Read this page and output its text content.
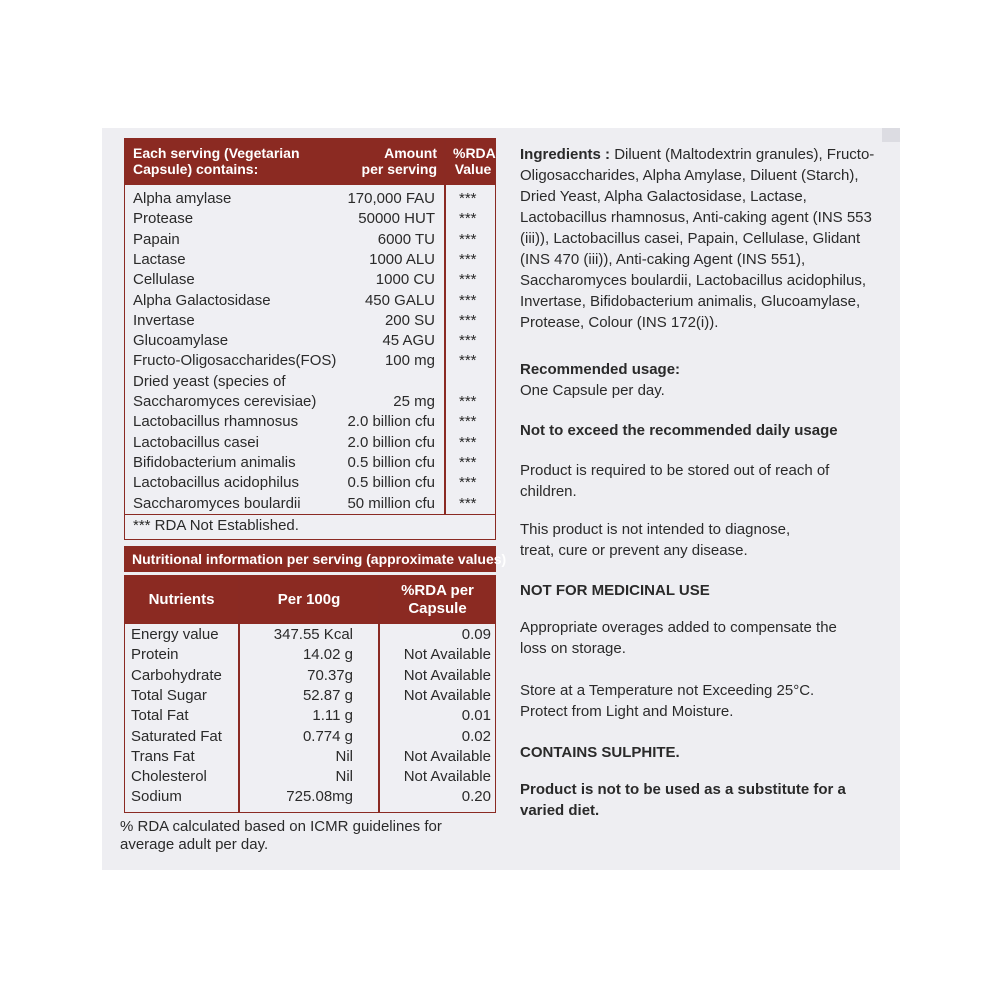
Each serving (Vegetarian
Capsule) contains:
Amount
per serving
%RDA
Value
Alpha amylase	170,000 FAU ***
Protease	50000 HUT ***
Papain	6000 TU ***
Lactase	1000 ALU ***
Cellulase	1000 CU ***
Alpha Galactosidase	450 GALU ***
Invertase	200 SU ***
Glucoamylase	45 AGU ***
Fructo-Oligosaccharides(FOS)	100 mg ***
Dried yeast (species of
Saccharomyces cerevisiae)	25 mg ***
Lactobacillus rhamnosus	2.0 billion cfu ***
Lactobacillus casei	2.0 billion cfu ***
Bifidobacterium animalis	0.5 billion cfu ***
Lactobacillus acidophilus	0.5 billion cfu ***
Saccharomyces boulardii	50 million cfu ***
*** RDA Not Established.
Nutritional information per serving (approximate values)
Nutrients	Per 100g
%RDA per
Capsule
Energy value	347.55 Kcal	0.09
Protein	14.02 g	Not Available
Carbohydrate	70.37g	Not Available
Total Sugar	52.87 g	Not Available
Total Fat	1.11 g	0.01
Saturated Fat	0.774 g	0.02
Trans Fat	Nil	Not Available
Cholesterol	Nil	Not Available
Sodium	725.08mg	0.20
% RDA calculated based on ICMR guidelines for average adult per day.
Ingredients : Diluent (Maltodextrin granules), Fructo-Oligosaccharides, Alpha Amylase, Diluent (Starch), Dried Yeast, Alpha Galactosidase, Lactase, Lactobacillus rhamnosus, Anti-caking agent (INS 553 (iii)), Lactobacillus casei, Papain, Cellulase, Glidant (INS 470 (iii)), Anti-caking Agent (INS 551), Saccharomyces boulardii, Lactobacillus acidophilus, Invertase, Bifidobacterium animalis, Glucoamylase, Protease, Colour (INS 172(i)).
Recommended usage:
One Capsule per day.
Not to exceed the recommended daily usage
Product is required to be stored out of reach of children.
This product is not intended to diagnose, treat, cure or prevent any disease.
NOT FOR MEDICINAL USE
Appropriate overages added to compensate the loss on storage.
Store at a Temperature not Exceeding 25°C. Protect from Light and Moisture.
CONTAINS SULPHITE.
Product is not to be used as a substitute for a varied diet.
